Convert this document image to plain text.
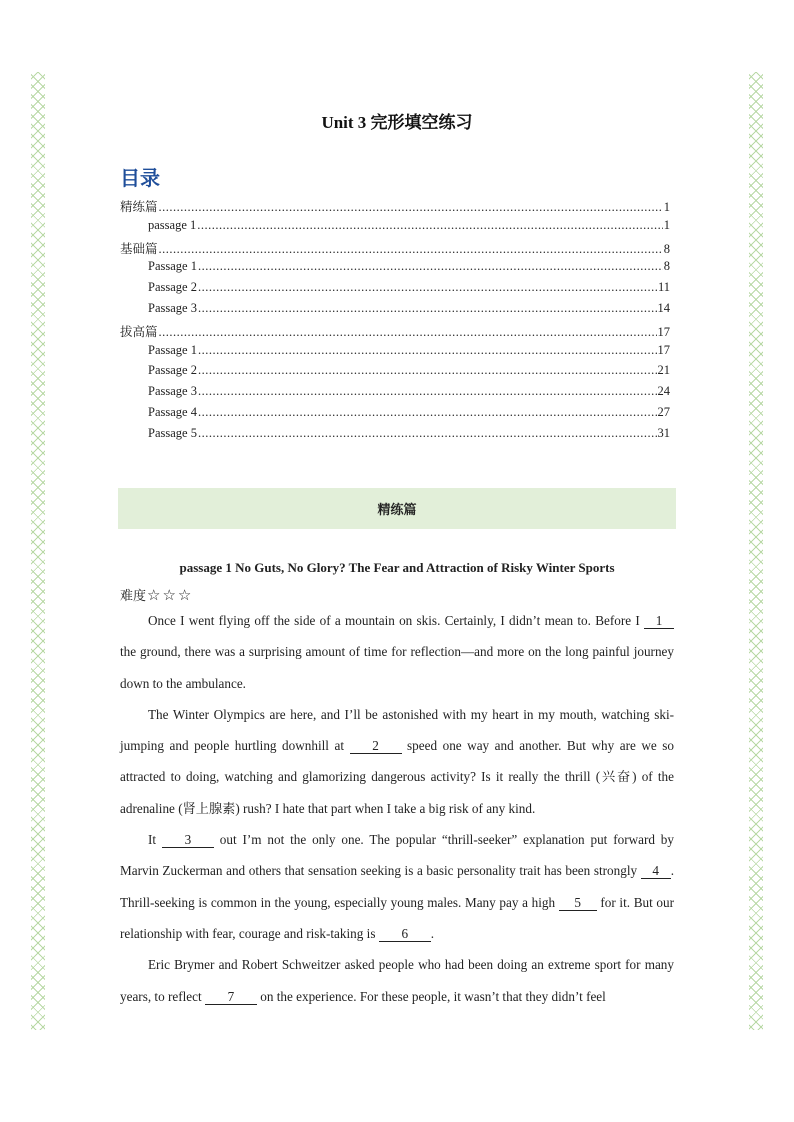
Unit 3 完形填空练习
目录
精练篇 .....	1
passage 1 .....	1
基础篇 .....	8
Passage 1 .....	8
Passage 2 .....	11
Passage 3 .....	14
拔高篇 .....	17
Passage 1 .....	17
Passage 2 .....	21
Passage 3 .....	24
Passage 4 .....	27
Passage 5 .....	31
精练篇
passage 1 No Guts, No Glory? The Fear and Attraction of Risky Winter Sports
难度 ☆☆☆

Once I went flying off the side of a mountain on skis. Certainly, I didn’t mean to. Before I 1 the ground, there was a surprising amount of time for reflection—and more on the long painful journey down to the ambulance.

The Winter Olympics are here, and I’ll be astonished with my heart in my mouth, watching ski-jumping and people hurtling downhill at 2 speed one way and another. But why are we so attracted to doing, watching and glamorizing dangerous activity? Is it really the thrill (兴奋) of the adrenaline (肾上腺素) rush? I hate that part when I take a big risk of any kind.

It 3 out I’m not the only one. The popular “thrill-seeker” explanation put forward by Marvin Zuckerman and others that sensation seeking is a basic personality trait has been strongly 4 . Thrill-seeking is common in the young, especially young males. Many pay a high 5 for it. But our relationship with fear, courage and risk-taking is 6 .

Eric Brymer and Robert Schweitzer asked people who had been doing an extreme sport for many years, to reflect 7 on the experience. For these people, it wasn’t that they didn’t feel
